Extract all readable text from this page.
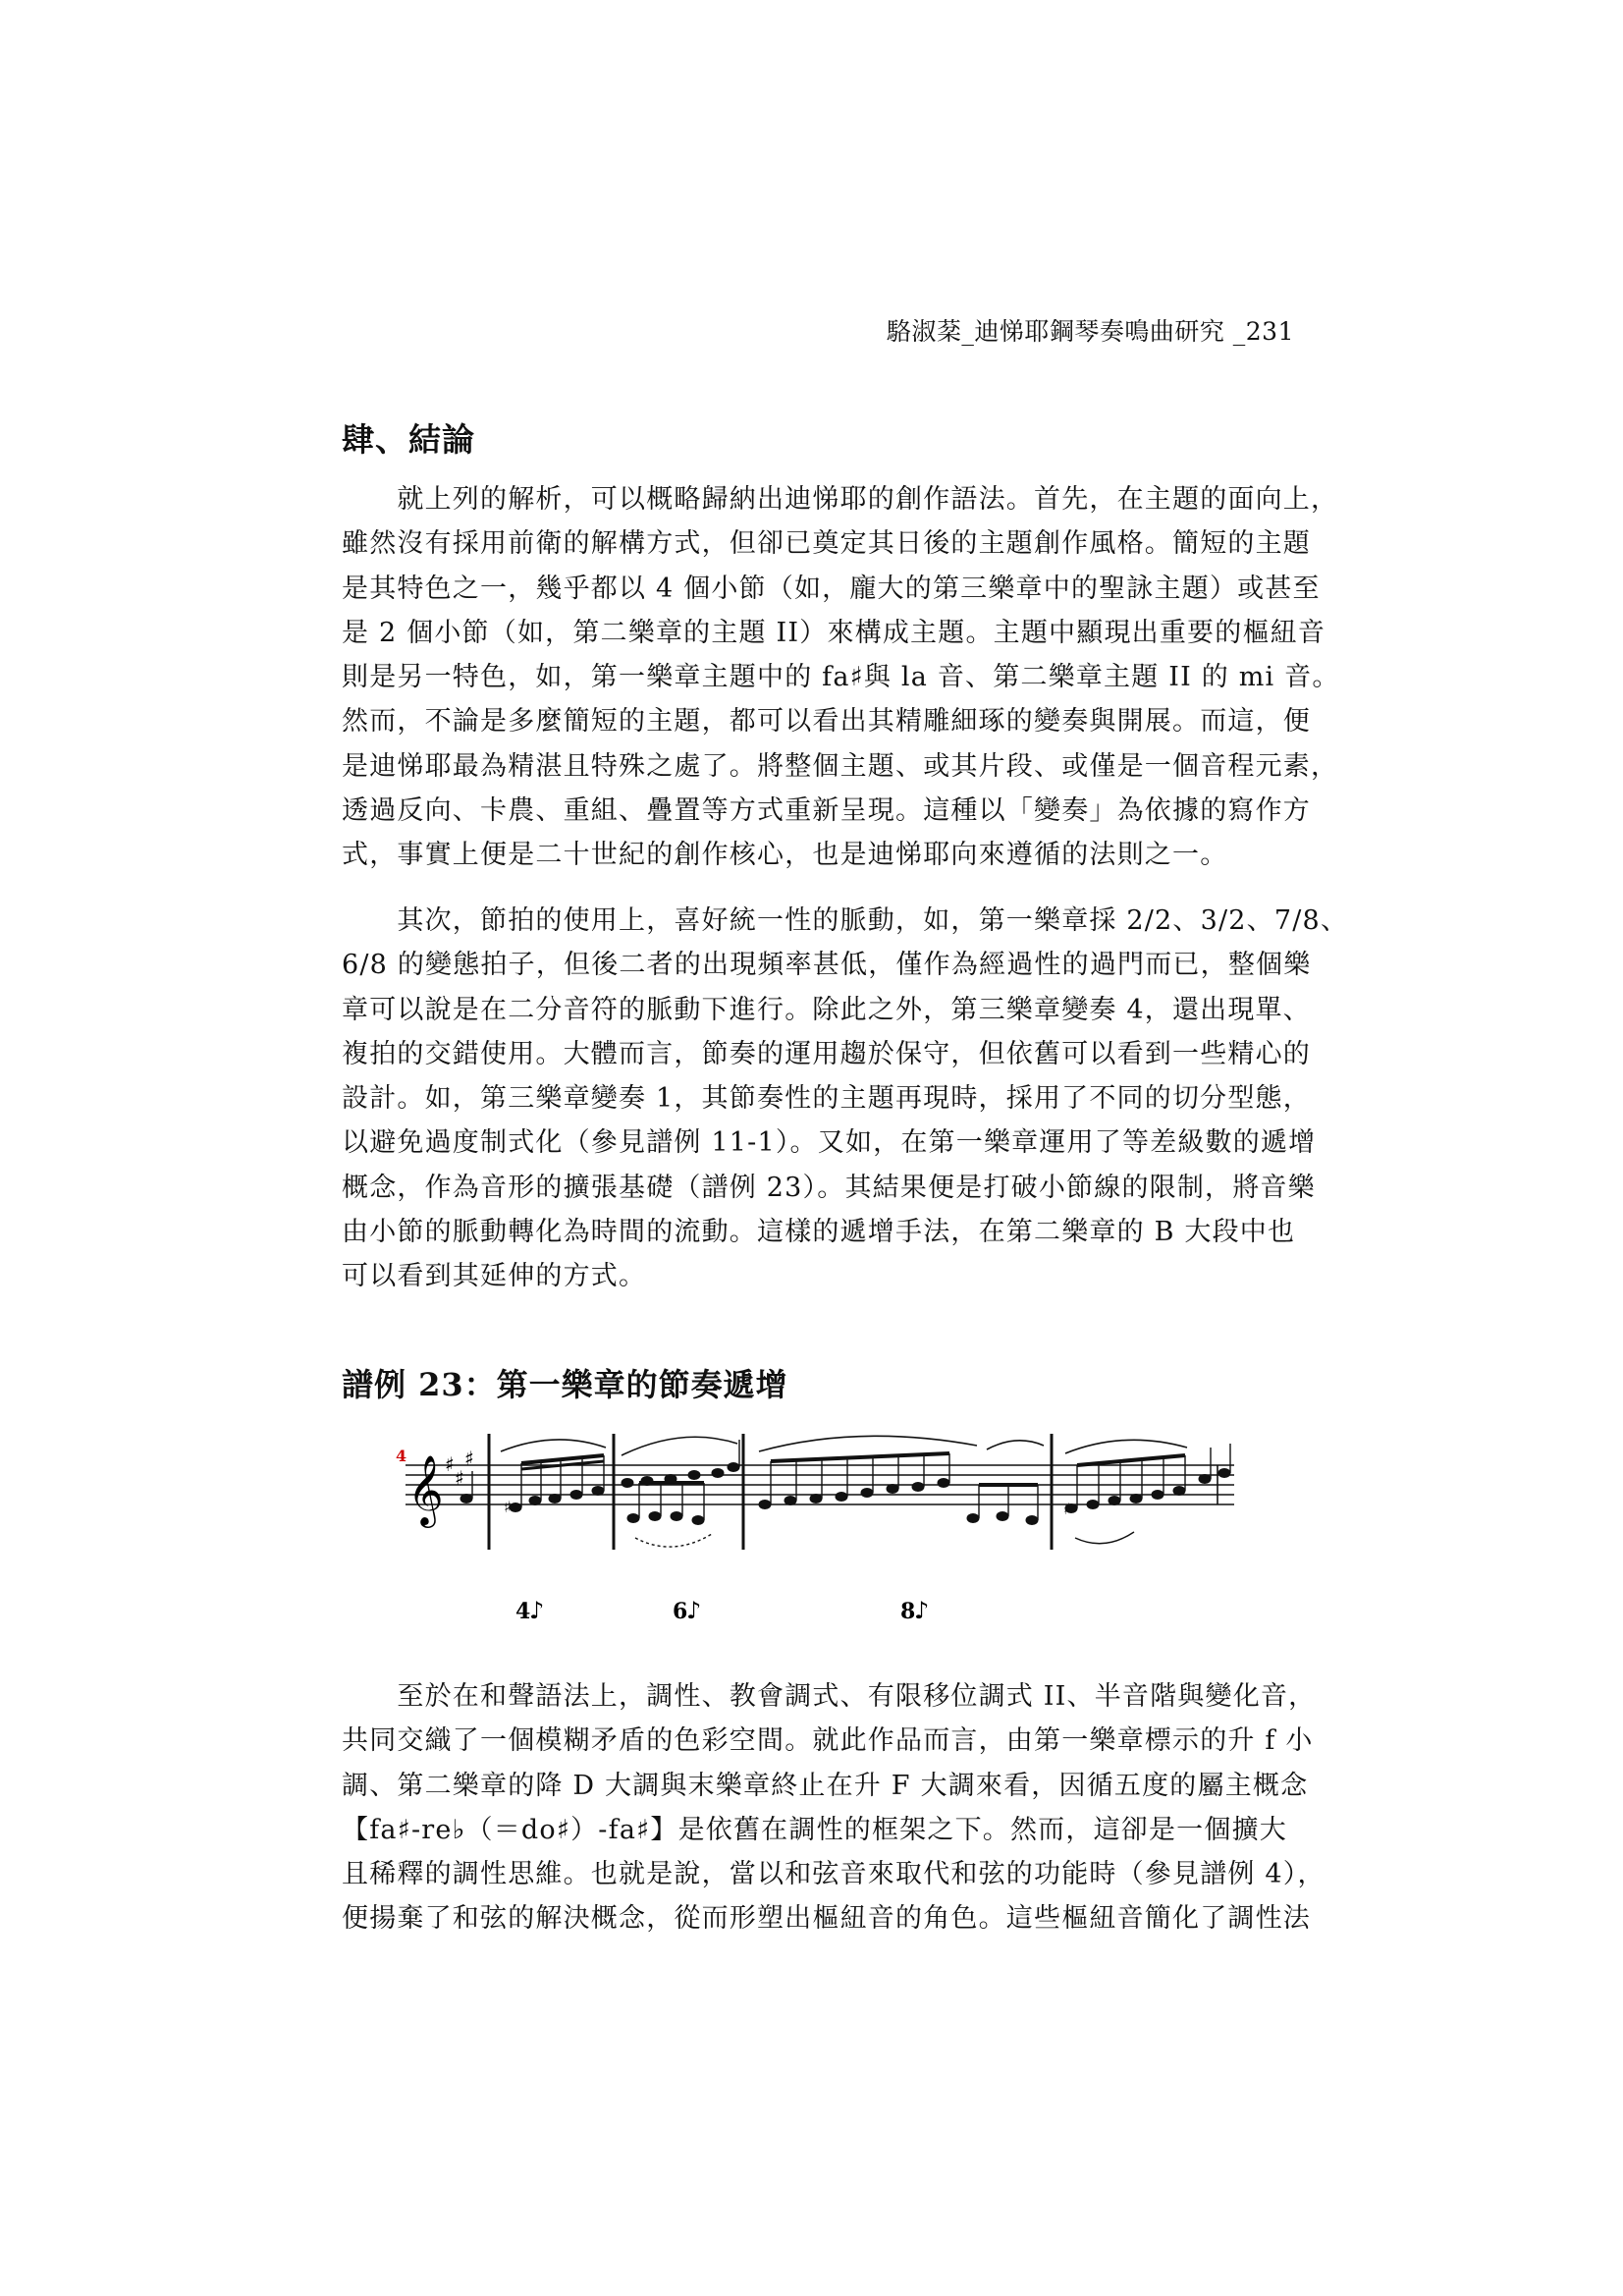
駱淑棻_迪悌耶鋼琴奏鳴曲研究 _231
肆、結論
　　就上列的解析，可以概略歸納出迪悌耶的創作語法。首先，在主題的面向上，
雖然沒有採用前衛的解構方式，但卻已奠定其日後的主題創作風格。簡短的主題
是其特色之一，幾乎都以 4 個小節（如，龐大的第三樂章中的聖詠主題）或甚至
是 2 個小節（如，第二樂章的主題 II）來構成主題。主題中顯現出重要的樞紐音
則是另一特色，如，第一樂章主題中的 fa♯與 la 音、第二樂章主題 II 的 mi 音。
然而，不論是多麼簡短的主題，都可以看出其精雕細琢的變奏與開展。而這，便
是迪悌耶最為精湛且特殊之處了。將整個主題、或其片段、或僅是一個音程元素，
透過反向、卡農、重組、疊置等方式重新呈現。這種以「變奏」為依據的寫作方
式，事實上便是二十世紀的創作核心，也是迪悌耶向來遵循的法則之一。
　　其次，節拍的使用上，喜好統一性的脈動，如，第一樂章採 2/2、3/2、7/8、
6/8 的變態拍子，但後二者的出現頻率甚低，僅作為經過性的過門而已，整個樂
章可以說是在二分音符的脈動下進行。除此之外，第三樂章變奏 4，還出現單、
複拍的交錯使用。大體而言，節奏的運用趨於保守，但依舊可以看到一些精心的
設計。如，第三樂章變奏 1，其節奏性的主題再現時，採用了不同的切分型態，
以避免過度制式化（參見譜例 11-1）。又如，在第一樂章運用了等差級數的遞增
概念，作為音形的擴張基礎（譜例 23）。其結果便是打破小節線的限制，將音樂
由小節的脈動轉化為時間的流動。這樣的遞增手法，在第二樂章的 B 大段中也
可以看到其延伸的方式。
譜例 23：第一樂章的節奏遞增
4 𝄞 ♯
♯
♯
♯	♯
4
♪	6
♪	8
♪
　　至於在和聲語法上，調性、教會調式、有限移位調式 II、半音階與變化音，
共同交織了一個模糊矛盾的色彩空間。就此作品而言，由第一樂章標示的升 f 小
調、第二樂章的降 D 大調與末樂章終止在升 F 大調來看，因循五度的屬主概念
【fa♯-re♭（＝do♯）-fa♯】是依舊在調性的框架之下。然而，這卻是一個擴大
且稀釋的調性思維。也就是說，當以和弦音來取代和弦的功能時（參見譜例 4），
便揚棄了和弦的解決概念，從而形塑出樞紐音的角色。這些樞紐音簡化了調性法
